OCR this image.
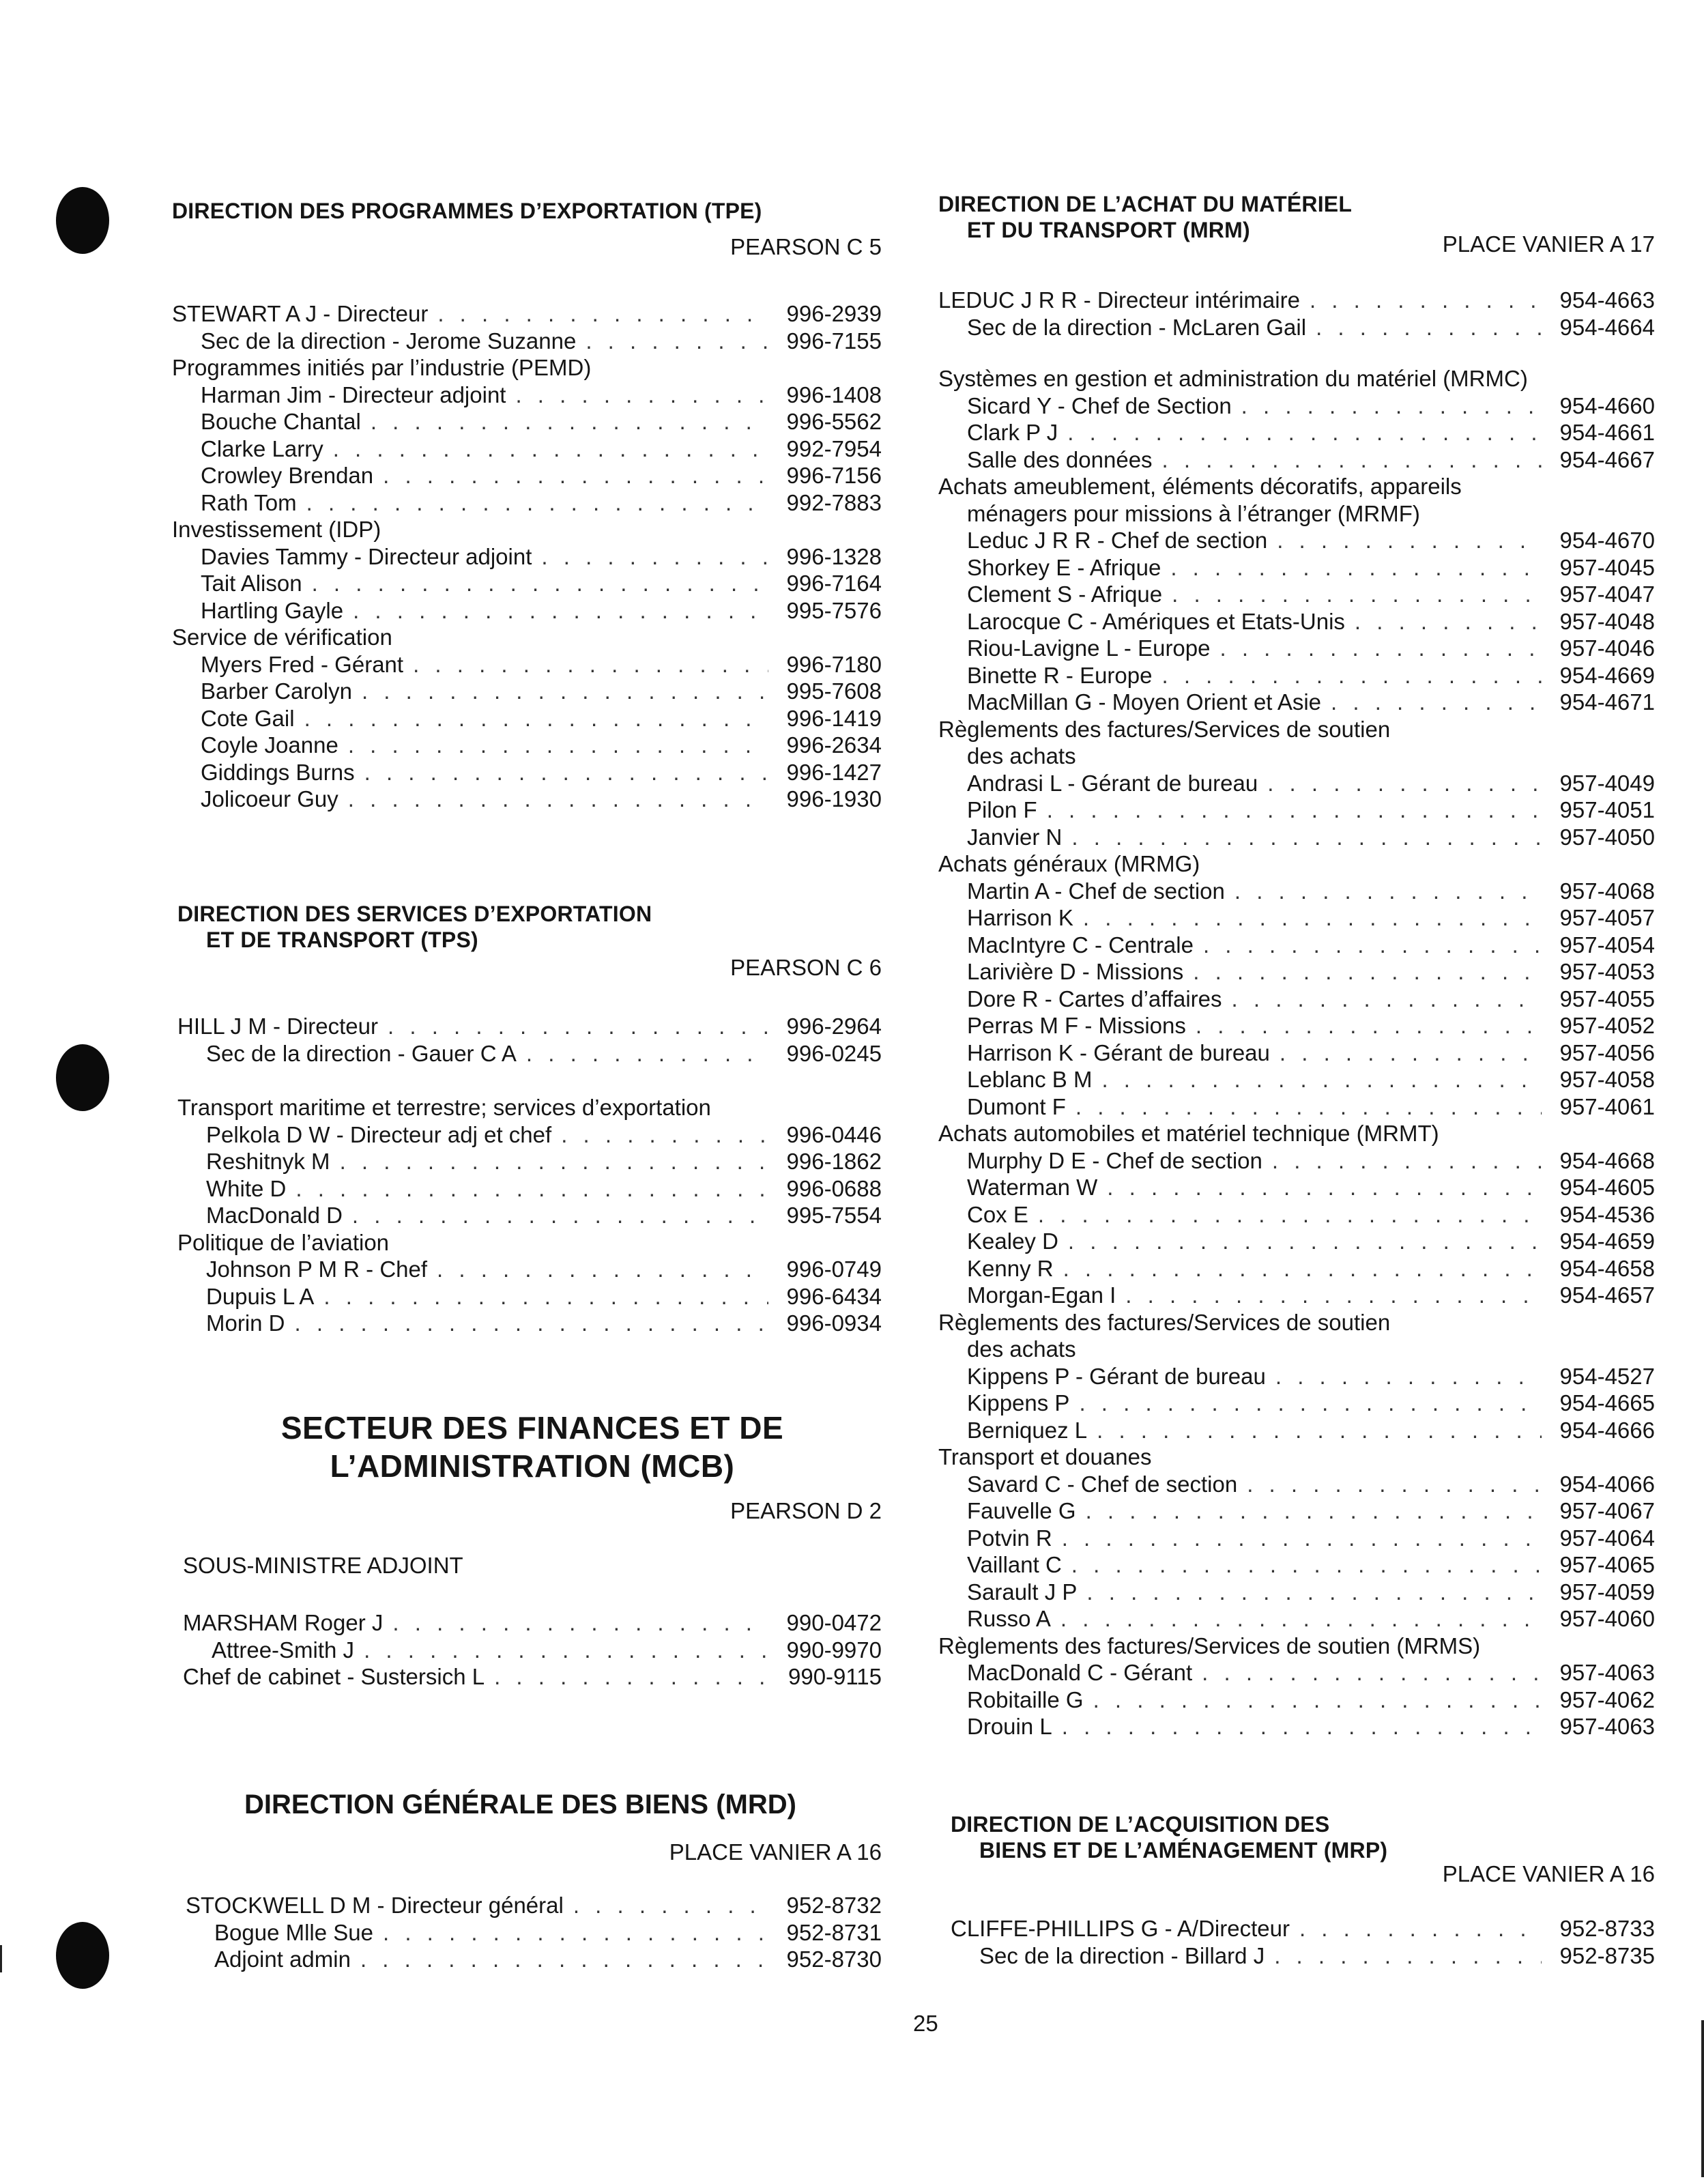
DIRECTION DES PROGRAMMES D’EXPORTATION (TPE)
PEARSON C 5
STEWART A J - Directeur . . .	996-2939
Sec de la direction - Jerome Suzanne . . .	996-7155
Programmes initiés par l’industrie (PEMD)
Harman Jim - Directeur adjoint . . .	996-1408
Bouche Chantal . . .	996-5562
Clarke Larry . . .	992-7954
Crowley Brendan . . .	996-7156
Rath Tom . . .	992-7883
Investissement (IDP)
Davies Tammy - Directeur adjoint . . .	996-1328
Tait Alison . . .	996-7164
Hartling Gayle . . .	995-7576
Service de vérification
Myers Fred - Gérant . . .	996-7180
Barber Carolyn . . .	995-7608
Cote Gail . . .	996-1419
Coyle Joanne . . .	996-2634
Giddings Burns . . .	996-1427
Jolicoeur Guy . . .	996-1930
DIRECTION DES SERVICES D’EXPORTATION
ET DE TRANSPORT (TPS)
PEARSON C 6
HILL J M - Directeur . . .	996-2964
Sec de la direction - Gauer C A . . .	996-0245
Transport maritime et terrestre; services d’exportation
Pelkola D W - Directeur adj et chef . . .	996-0446
Reshitnyk M . . .	996-1862
White D . . .	996-0688
MacDonald D . . .	995-7554
Politique de l’aviation
Johnson P M R - Chef . . .	996-0749
Dupuis L A . . .	996-6434
Morin D . . .	996-0934
SECTEUR DES FINANCES ET DE
L’ADMINISTRATION (MCB)
PEARSON D 2
SOUS-MINISTRE ADJOINT
MARSHAM Roger J . . .	990-0472
Attree-Smith J . . .	990-9970
Chef de cabinet - Sustersich L . . .	990-9115
DIRECTION GÉNÉRALE DES BIENS (MRD)
PLACE VANIER A 16
STOCKWELL D M - Directeur général . . .	952-8732
Bogue Mlle Sue . . .	952-8731
Adjoint admin . . .	952-8730
DIRECTION DE L’ACHAT DU MATÉRIEL
ET DU TRANSPORT (MRM)
PLACE VANIER A 17
LEDUC J R R - Directeur intérimaire . . .	954-4663
Sec de la direction - McLaren Gail . . .	954-4664
Systèmes en gestion et administration du matériel (MRMC)
Sicard Y - Chef de Section . . .	954-4660
Clark P J . . .	954-4661
Salle des données . . .	954-4667
Achats ameublement, éléments décoratifs, appareils
ménagers pour missions à l’étranger (MRMF)
Leduc J R R - Chef de section . . .	954-4670
Shorkey E - Afrique . . .	957-4045
Clement S - Afrique . . .	957-4047
Larocque C - Amériques et Etats-Unis . . .	957-4048
Riou-Lavigne L - Europe . . .	957-4046
Binette R - Europe . . .	954-4669
MacMillan G - Moyen Orient et Asie . . .	954-4671
Règlements des factures/Services de soutien
des achats
Andrasi L - Gérant de bureau . . .	957-4049
Pilon F . . .	957-4051
Janvier N . . .	957-4050
Achats généraux (MRMG)
Martin A - Chef de section . . .	957-4068
Harrison K . . .	957-4057
MacIntyre C - Centrale . . .	957-4054
Larivière D - Missions . . .	957-4053
Dore R - Cartes d’affaires . . .	957-4055
Perras M F - Missions . . .	957-4052
Harrison K - Gérant de bureau . . .	957-4056
Leblanc B M . . .	957-4058
Dumont F . . .	957-4061
Achats automobiles et matériel technique (MRMT)
Murphy D E - Chef de section . . .	954-4668
Waterman W . . .	954-4605
Cox E . . .	954-4536
Kealey D . . .	954-4659
Kenny R . . .	954-4658
Morgan-Egan I . . .	954-4657
Règlements des factures/Services de soutien
des achats
Kippens P - Gérant de bureau . . .	954-4527
Kippens P . . .	954-4665
Berniquez L . . .	954-4666
Transport et douanes
Savard C - Chef de section . . .	954-4066
Fauvelle G . . .	957-4067
Potvin R . . .	957-4064
Vaillant C . . .	957-4065
Sarault J P . . .	957-4059
Russo A . . .	957-4060
Règlements des factures/Services de soutien (MRMS)
MacDonald C - Gérant . . .	957-4063
Robitaille G . . .	957-4062
Drouin L . . .	957-4063
DIRECTION DE L’ACQUISITION DES
BIENS ET DE L’AMÉNAGEMENT (MRP)
PLACE VANIER A 16
CLIFFE-PHILLIPS G - A/Directeur . . .	952-8733
Sec de la direction - Billard J . . .	952-8735
25
